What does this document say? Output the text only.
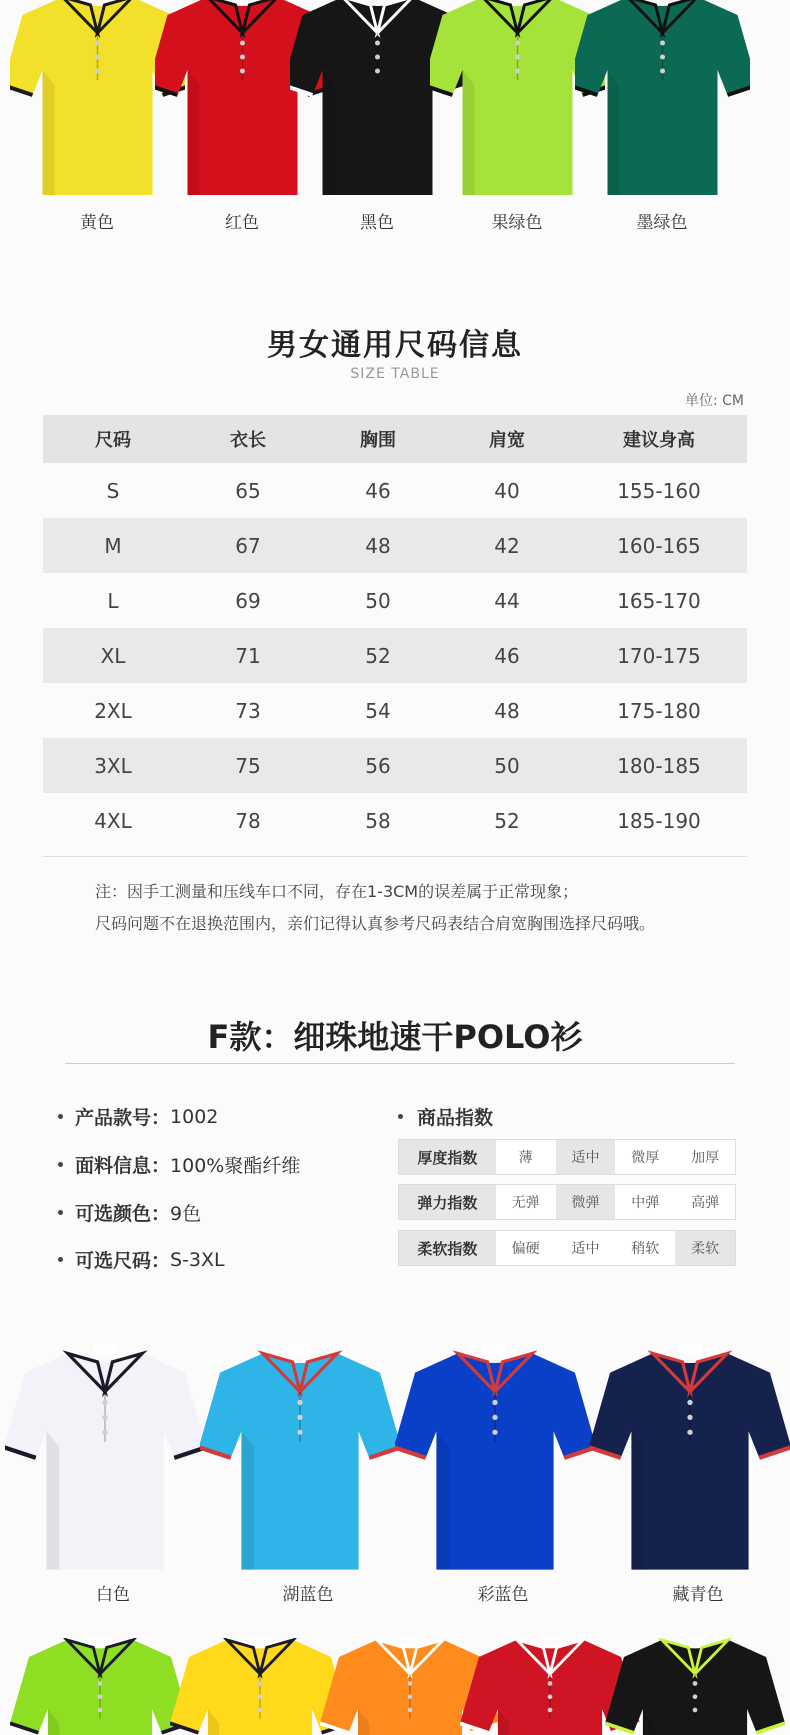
黄色	红色	黑色	果绿色	墨绿色
男女通用尺码信息
SIZE TABLE
单位: CM
尺码	衣长	胸围	肩宽	建议身高
S	65	46	40	155-160
M	67	48	42	160-165
L	69	50	44	165-170
XL	71	52	46	170-175
2XL	73	54	48	175-180
3XL	75	56	50	180-185
4XL	78	58	52	185-190
注：因手工测量和压线车口不同，存在1-3CM的误差属于正常现象；
尺码问题不在退换范围内，亲们记得认真参考尺码表结合肩宽胸围选择尺码哦。
F款：细珠地速干POLO衫
产品款号： 1002
面料信息： 100%聚酯纤维
可选颜色： 9色
可选尺码： S-3XL
商品指数
厚度指数	薄	适中	微厚	加厚
弹力指数	无弹	微弹	中弹	高弹
柔软指数	偏硬	适中	稍软	柔软
白色	湖蓝色	彩蓝色	藏青色
